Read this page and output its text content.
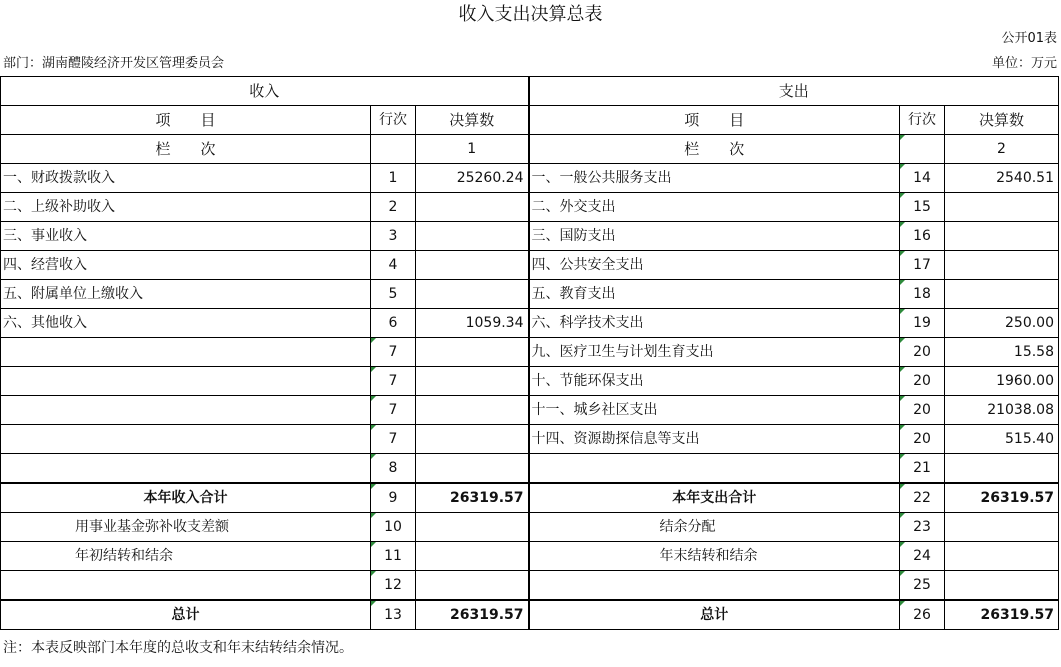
收入支出决算总表
公开01表
部门：湖南醴陵经济开发区管理委员会	单位：万元
收入			支出		
项　　目	行次	决算数	项　　目	行次	决算数
栏　　次		1	栏　　次		2
一、财政拨款收入	1	25260.24	一、一般公共服务支出	14	2540.51
二、上级补助收入	2		二、外交支出	15	
三、事业收入	3		三、国防支出	16	
四、经营收入	4		四、公共安全支出	17	
五、附属单位上缴收入	5		五、教育支出	18	
六、其他收入	6	1059.34	六、科学技术支出	19	250.00
	7		九、医疗卫生与计划生育支出	20	15.58
	7		十、节能环保支出	20	1960.00
	7		十一、城乡社区支出	20	21038.08
	7		十四、资源勘探信息等支出	20	515.40
	8			21	
本年收入合计	9	26319.57	本年支出合计	22	26319.57
用事业基金弥补收支差额	10		结余分配	23	
年初结转和结余	11		年末结转和结余	24	
	12			25	
总计	13	26319.57	总计	26	26319.57
注：本表反映部门本年度的总收支和年末结转结余情况。
